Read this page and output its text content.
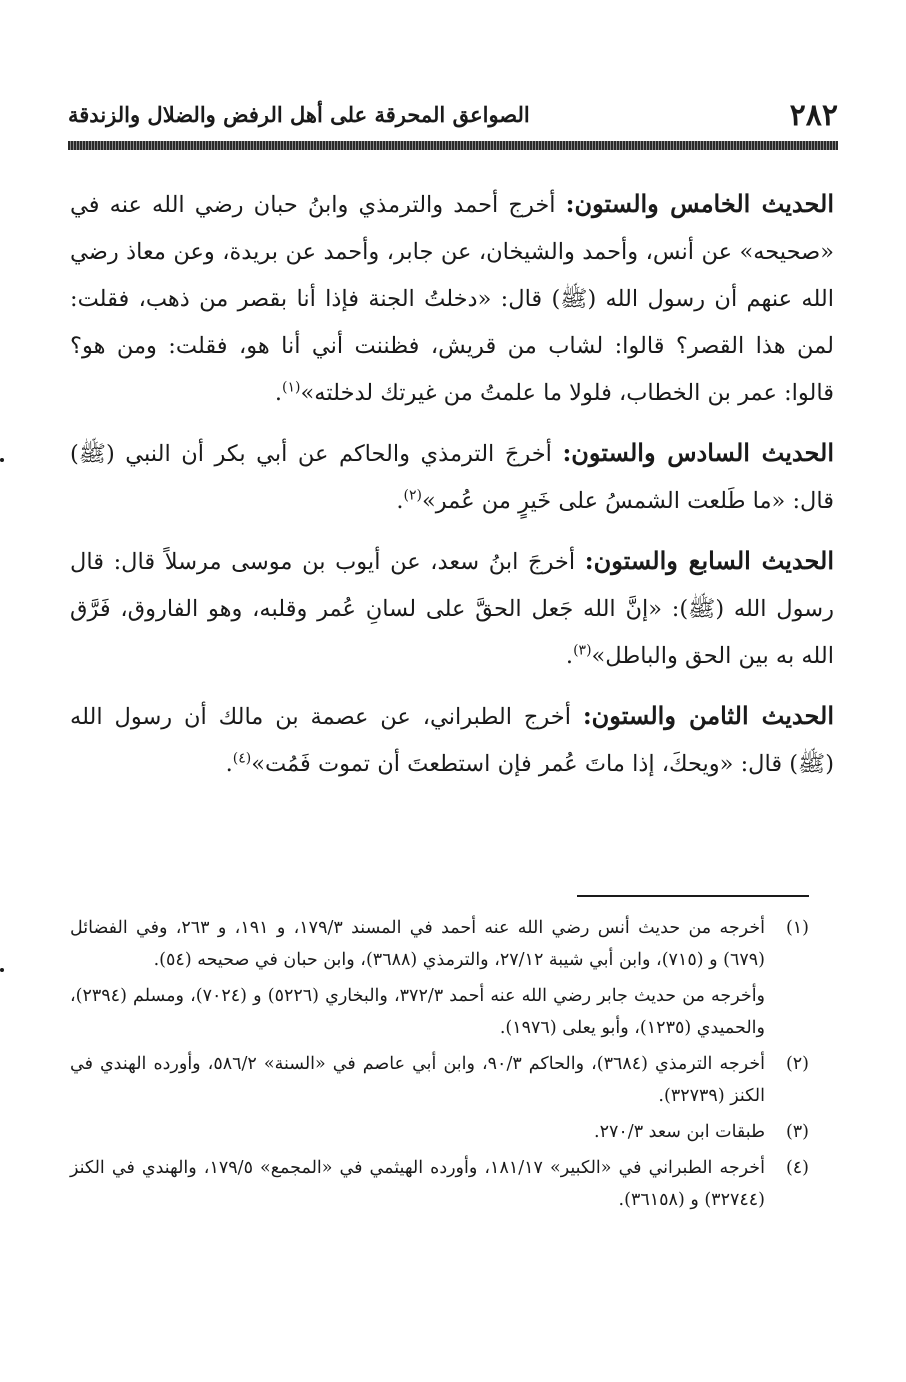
٢٨٢
الصواعق المحرقة على أهل الرفض والضلال والزندقة

الحديث الخامس والستون: أخرج أحمد والترمذي وابنُ حبان رضي الله عنه في «صحيحه» عن أنس، وأحمد والشيخان، عن جابر، وأحمد عن بريدة، وعن معاذ رضي الله عنهم أن رسول الله (ﷺ) قال: «دخلتُ الجنة فإذا أنا بقصر من ذهب، فقلت: لمن هذا القصر؟ قالوا: لشاب من قريش، فظننت أني أنا هو، فقلت: ومن هو؟ قالوا: عمر بن الخطاب، فلولا ما علمتُ من غيرتك لدخلته»$^{(١)}$.

الحديث السادس والستون: أخرجَ الترمذي والحاكم عن أبي بكر أن النبي (ﷺ) قال: «ما طَلعت الشمسُ على خَيرٍ من عُمر»$^{(٢)}$.

الحديث السابع والستون: أخرجَ ابنُ سعد، عن أيوب بن موسى مرسلاً قال: قال رسول الله (ﷺ): «إنَّ الله جَعل الحقَّ على لسانِ عُمر وقلبه، وهو الفاروق، فَرَّق الله به بين الحق والباطل»$^{(٣)}$.

الحديث الثامن والستون: أخرج الطبراني، عن عصمة بن مالك أن رسول الله (ﷺ) قال: «ويحكَ، إذا ماتَ عُمر فإن استطعتَ أن تموت فَمُت»$^{(٤)}$.

(١)
أخرجه من حديث أنس رضي الله عنه أحمد في المسند ١٧٩/٣، و ١٩١، و ٢٦٣، وفي الفضائل (٦٧٩) و (٧١٥)، وابن أبي شيبة ٢٧/١٢، والترمذي (٣٦٨٨)، وابن حبان في صحيحه (٥٤).

وأخرجه من حديث جابر رضي الله عنه أحمد ٣٧٢/٣، والبخاري (٥٢٢٦) و (٧٠٢٤)، ومسلم (٢٣٩٤)، والحميدي (١٢٣٥)، وأبو يعلى (١٩٧٦).

(٢)
أخرجه الترمذي (٣٦٨٤)، والحاكم ٩٠/٣، وابن أبي عاصم في «السنة» ٥٨٦/٢، وأورده الهندي في الكنز (٣٢٧٣٩).

(٣)
طبقات ابن سعد ٢٧٠/٣.

(٤)
أخرجه الطبراني في «الكبير» ١٨١/١٧، وأورده الهيثمي في «المجمع» ١٧٩/٥، والهندي في الكنز (٣٢٧٤٤) و (٣٦١٥٨).
